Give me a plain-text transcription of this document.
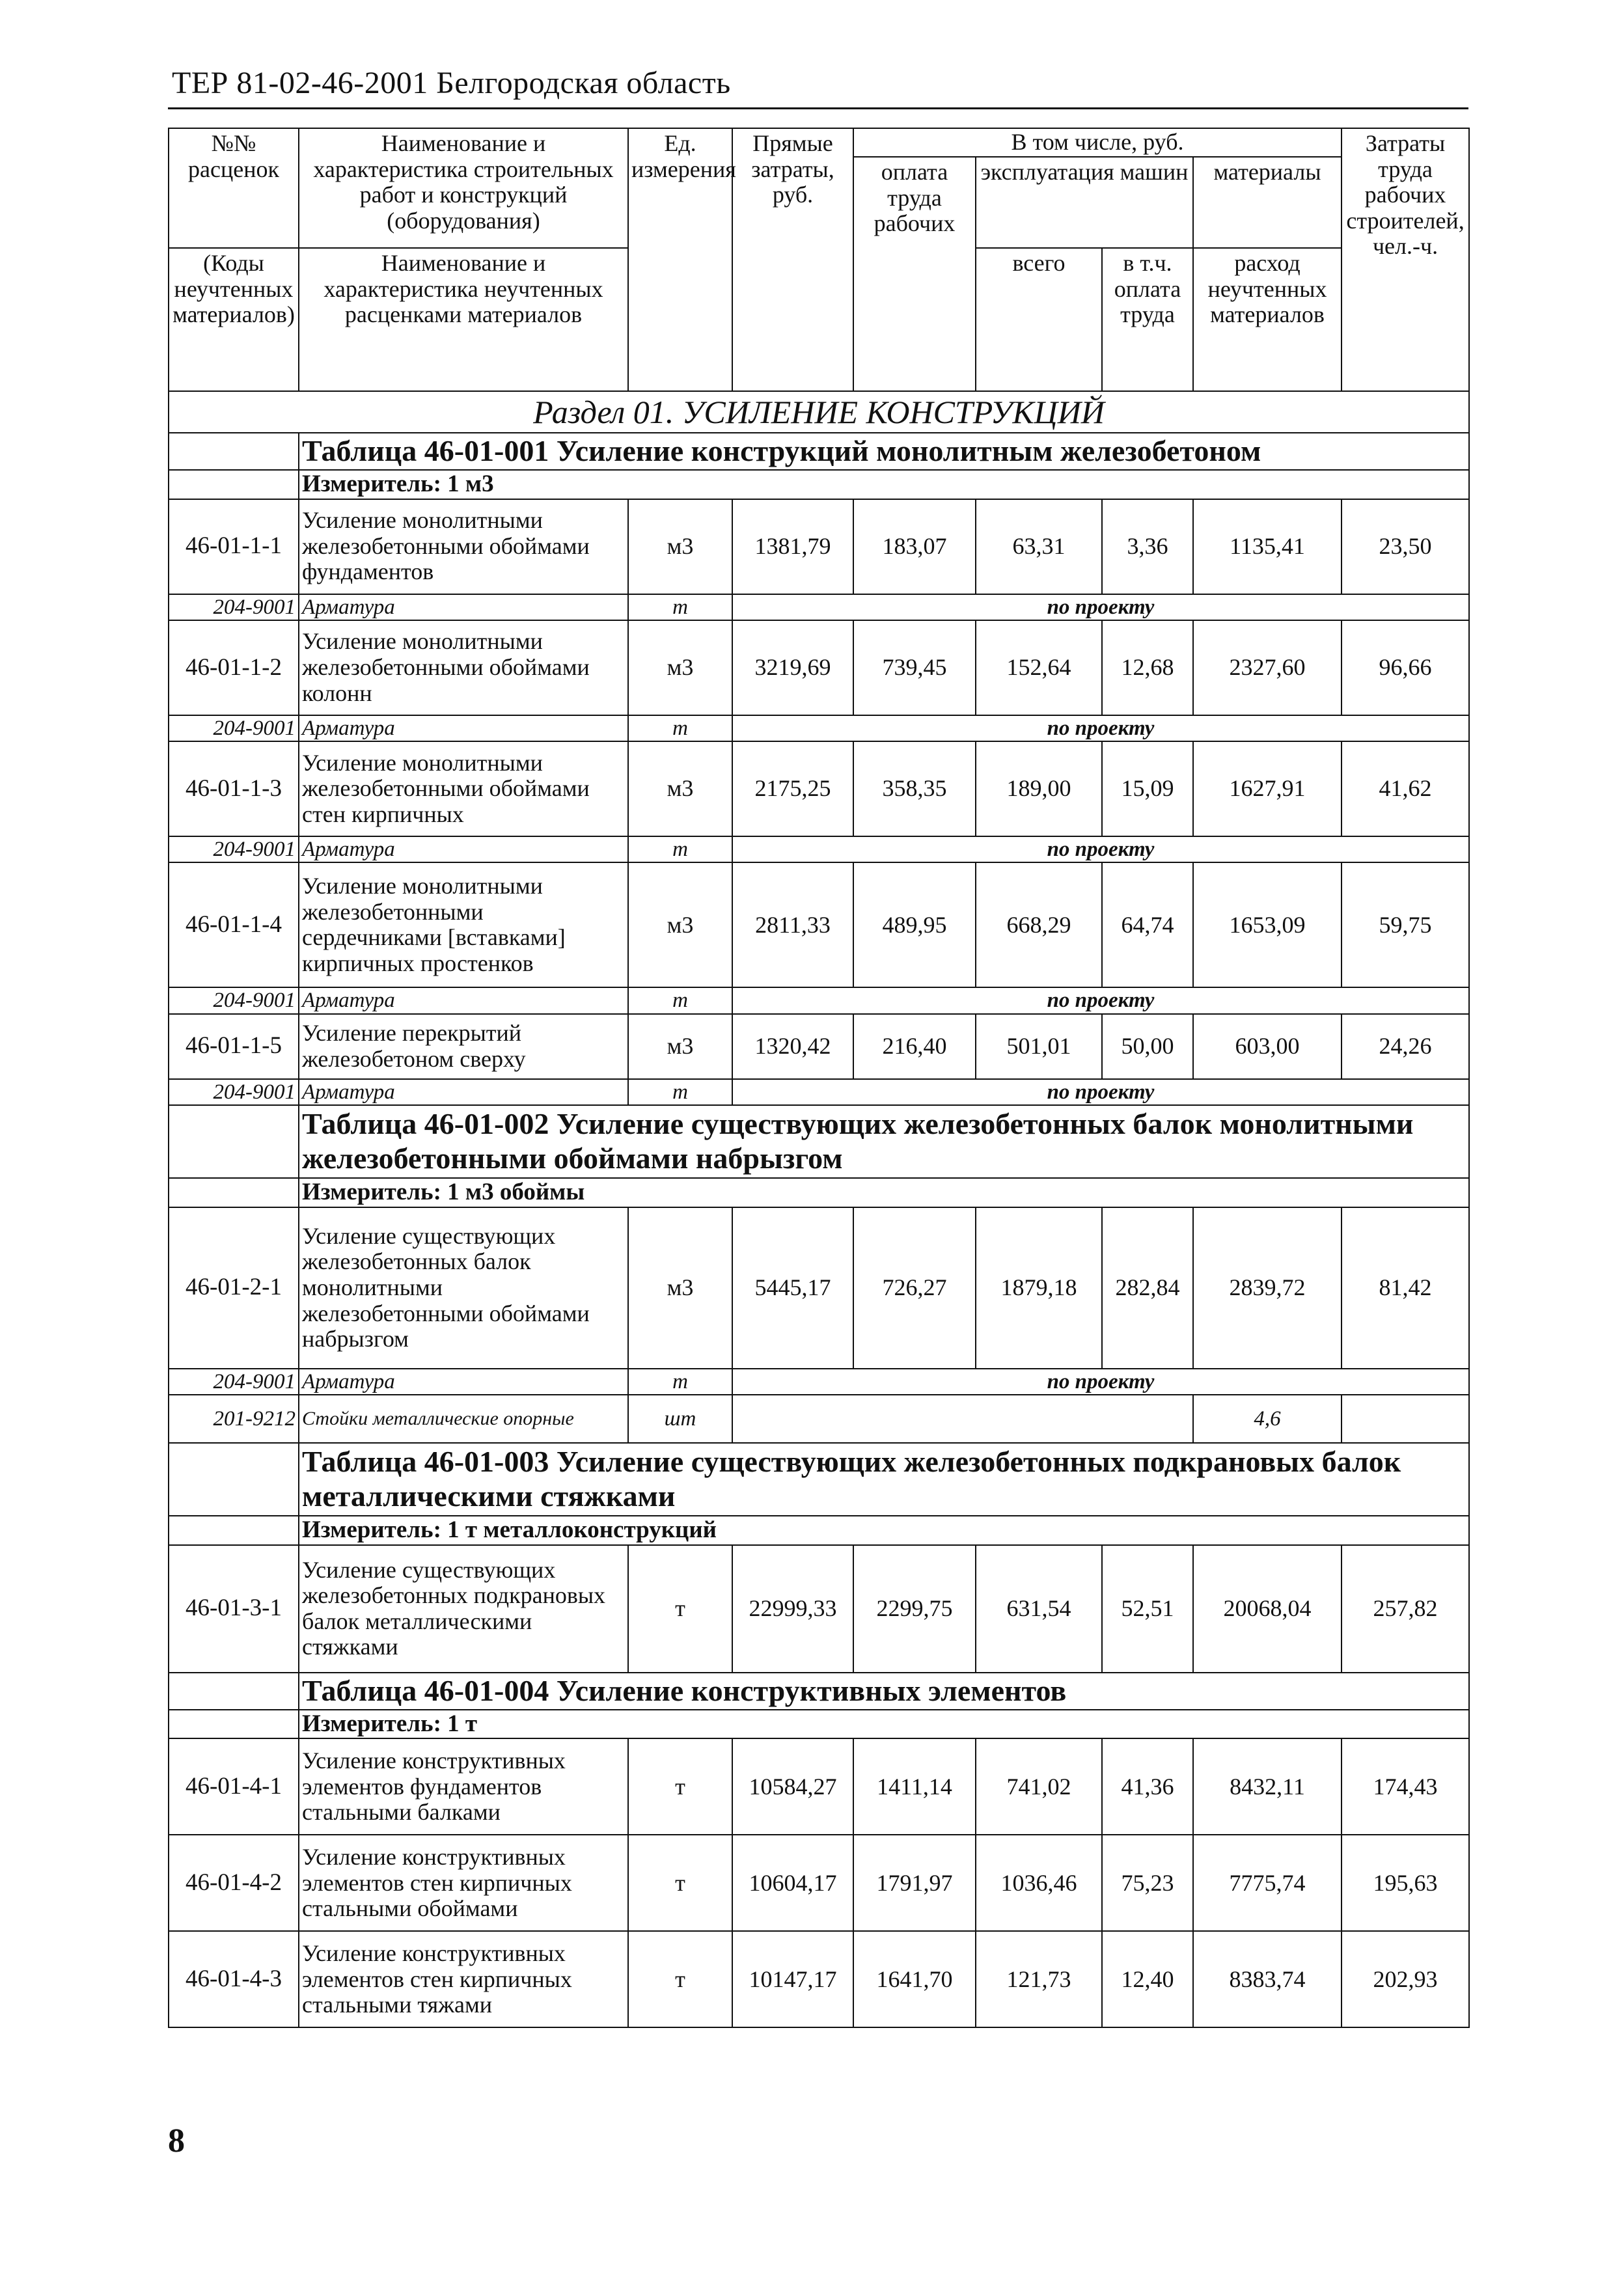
ТЕР 81-02-46-2001 Белгородская область
№№ расценок	Наименование и характеристика строительных работ и конструкций (оборудования)	Ед. измерения	Прямые затраты, руб.	В том числе, руб.				Затраты труда рабочих строителей, чел.-ч.
				оплата труда рабочих	эксплуатация машин		материалы	
(Коды неучтенных материалов)	Наименование и характеристика неучтенных расценками материалов				всего	в т.ч. оплата труда	расход неучтенных материалов	

Раздел 01. УСИЛЕНИЕ КОНСТРУКЦИЙ								
	Таблица 46-01-001 Усиление конструкций монолитным железобетоном							
	Измеритель: 1 м3							
46-01-1-1	Усиление монолитными железобетонными обоймами фундаментов	м3	1381,79	183,07	63,31	3,36	1135,41	23,50
204-9001	Арматура	т	по проекту					
46-01-1-2	Усиление монолитными железобетонными обоймами колонн	м3	3219,69	739,45	152,64	12,68	2327,60	96,66
204-9001	Арматура	т	по проекту					
46-01-1-3	Усиление монолитными железобетонными обоймами стен кирпичных	м3	2175,25	358,35	189,00	15,09	1627,91	41,62
204-9001	Арматура	т	по проекту					
46-01-1-4	Усиление монолитными железобетонными сердечниками [вставками] кирпичных простенков	м3	2811,33	489,95	668,29	64,74	1653,09	59,75
204-9001	Арматура	т	по проекту					
46-01-1-5	Усиление перекрытий железобетоном сверху	м3	1320,42	216,40	501,01	50,00	603,00	24,26
204-9001	Арматура	т	по проекту					
	Таблица 46-01-002 Усиление существующих железобетонных балок монолитными железобетонными обоймами набрызгом							
	Измеритель: 1 м3 обоймы							
46-01-2-1	Усиление существующих железобетонных балок монолитными железобетонными обоймами набрызгом	м3	5445,17	726,27	1879,18	282,84	2839,72	81,42
204-9001	Арматура	т	по проекту					
201-9212	Стойки металлические опорные	шт					4,6	
	Таблица 46-01-003 Усиление существующих железобетонных подкрановых балок металлическими стяжками							
	Измеритель: 1 т металлоконструкций							
46-01-3-1	Усиление существующих железобетонных подкрановых балок металлическими стяжками	т	22999,33	2299,75	631,54	52,51	20068,04	257,82
	Таблица 46-01-004 Усиление конструктивных элементов							
	Измеритель: 1 т							
46-01-4-1	Усиление конструктивных элементов фундаментов стальными балками	т	10584,27	1411,14	741,02	41,36	8432,11	174,43
46-01-4-2	Усиление конструктивных элементов стен кирпичных стальными обоймами	т	10604,17	1791,97	1036,46	75,23	7775,74	195,63
46-01-4-3	Усиление конструктивных элементов стен кирпичных стальными тяжами	т	10147,17	1641,70	121,73	12,40	8383,74	202,93
8
